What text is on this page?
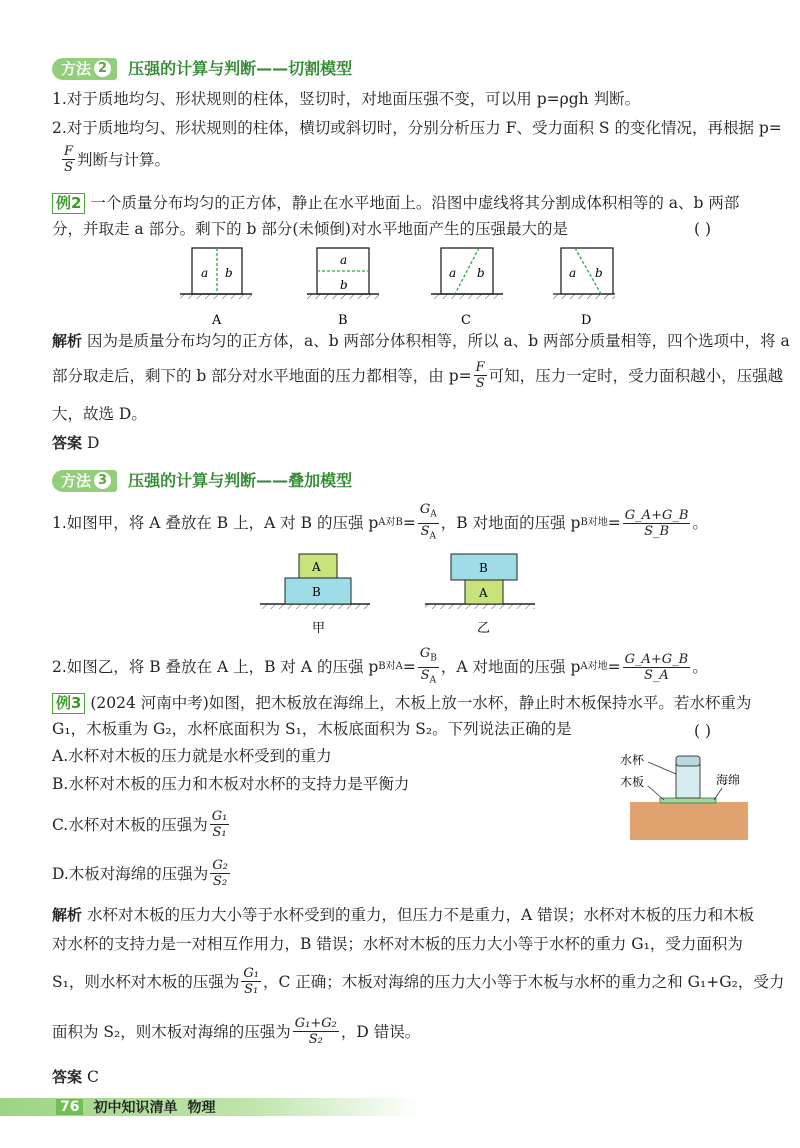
方法 2 压强的计算与判断——切割模型
1.对于质地均匀、形状规则的柱体，竖切时，对地面压强不变，可以用 p=ρgh 判断。
2.对于质地均匀、形状规则的柱体，横切或斜切时，分别分析压力 F、受力面积 S 的变化情况，再根据 p=
$\frac{F}{S}$ 判断与计算。
例2 一个质量分布均匀的正方体，静止在水平地面上。沿图中虚线将其分割成体积相等的 a、b 两部
分，并取走 a 部分。剩下的 b 部分(未倾倒)对水平地面产生的压强最大的是	( )
a b
a
b
a b	a b
A	B	C	D
解析 因为是质量分布均匀的正方体，a、b 两部分体积相等，所以 a、b 两部分质量相等，四个选项中，将 a
部分取走后，剩下的 b 部分对水平地面的压力都相等，由 $p= \frac{F}{S}$ 可知，压力一定时，受力面积越小，压强越
大，故选 D。
答案 D
方法 3 压强的计算与判断——叠加模型
1.如图甲，将 A 叠放在 B 上，A 对 B 的压强 p A对$B = \frac{G_A}{S_A}$ ，B 对地面的压强 p B对地 = $\frac{G\_A+G\_B}{S\_B}$ 。
A
B
甲
B
A
乙
2.如图乙，将 B 叠放在 A 上，B 对 A 的压强 p B对$A = \frac{G_B}{S_A}$ ，A 对地面的压强 p A对地 = $\frac{G\_A+G\_B}{S\_A}$ 。
例3 (2024 河南中考)如图，把木板放在海绵上，木板上放一水杯，静止时木板保持水平。若水杯重为
G₁，木板重为 G₂，水杯底面积为 S₁，木板底面积为 S₂。下列说法正确的是	( )
A.水杯对木板的压力就是水杯受到的重力
B.水杯对木板的压力和木板对水杯的支持力是平衡力
C.水杯对木板的压强为 $\frac{\text{G₁}}{\text{S₁}}$
D.木板对海绵的压强为 $\frac{\text{G₂}}{\text{S₂}}$
水杯
木板	海绵
解析 水杯对木板的压力大小等于水杯受到的重力，但压力不是重力，A 错误；水杯对木板的压力和木板
对水杯的支持力是一对相互作用力，B 错误；水杯对木板的压力大小等于水杯的重力 G₁，受力面积为
S₁，则水杯对木板的压强为 $\frac{\text{G₁}}{\text{S₁}}$ ，C 正确；木板对海绵的压力大小等于木板与水杯的重力之和 G₁+G₂，受力
面积为 S₂，则木板对海绵的压强为 $\frac{\text{G₁+G₂}}{\text{S₂}}$ ，D 错误。
答案 C
76 初中知识清单 物理
